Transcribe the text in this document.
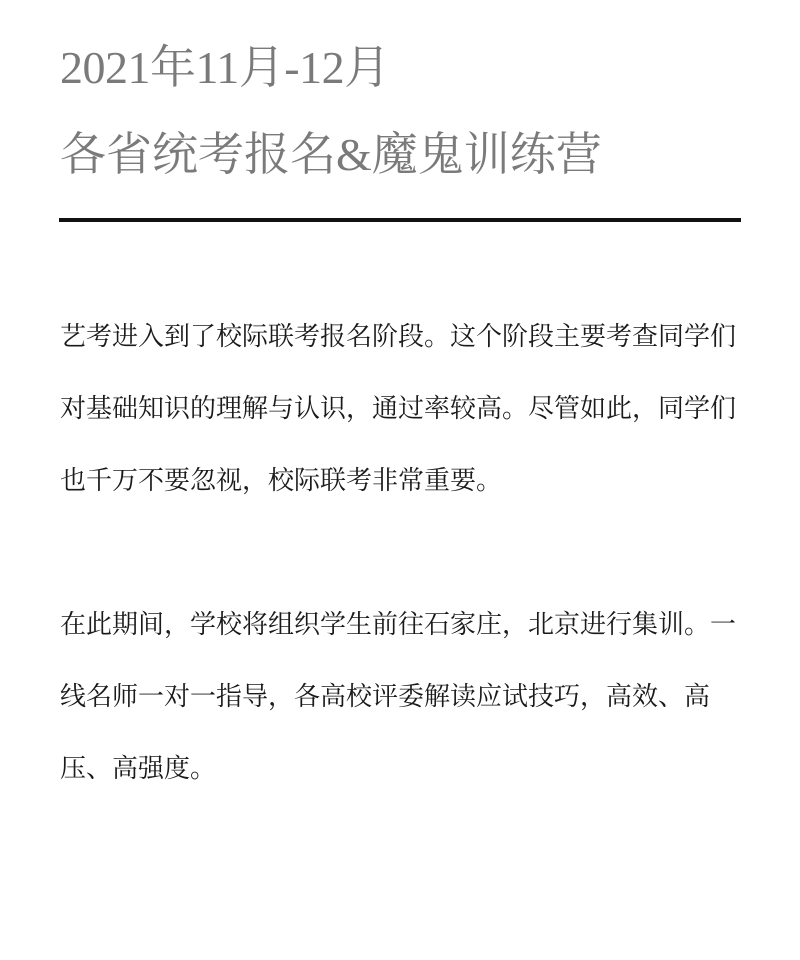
2021年11月-12月
各省统考报名&魔鬼训练营

艺考进入到了校际联考报名阶段。这个阶段主要考查同学们对基础知识的理解与认识，通过率较高。尽管如此，同学们也千万不要忽视，校际联考非常重要。

在此期间，学校将组织学生前往石家庄，北京进行集训。一线名师一对一指导，各高校评委解读应试技巧，高效、高压、高强度。
